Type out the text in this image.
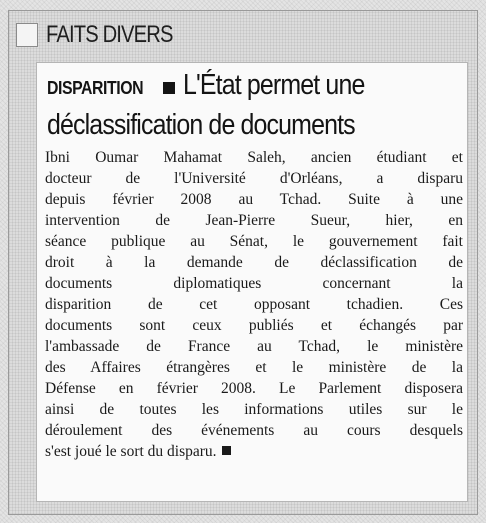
FAITS DIVERS
DISPARITION L'État permet une
déclassification de documents
Ibni Oumar Mahamat Saleh, ancien étudiant et
docteur de l'Université d'Orléans, a disparu
depuis février 2008 au Tchad. Suite à une
intervention de Jean-Pierre Sueur, hier, en
séance publique au Sénat, le gouvernement fait
droit à la demande de déclassification de
documents diplomatiques concernant la
disparition de cet opposant tchadien. Ces
documents sont ceux publiés et échangés par
l'ambassade de France au Tchad, le ministère
des Affaires étrangères et le ministère de la
Défense en février 2008. Le Parlement disposera
ainsi de toutes les informations utiles sur le
déroulement des événements au cours desquels
s'est joué le sort du disparu.
